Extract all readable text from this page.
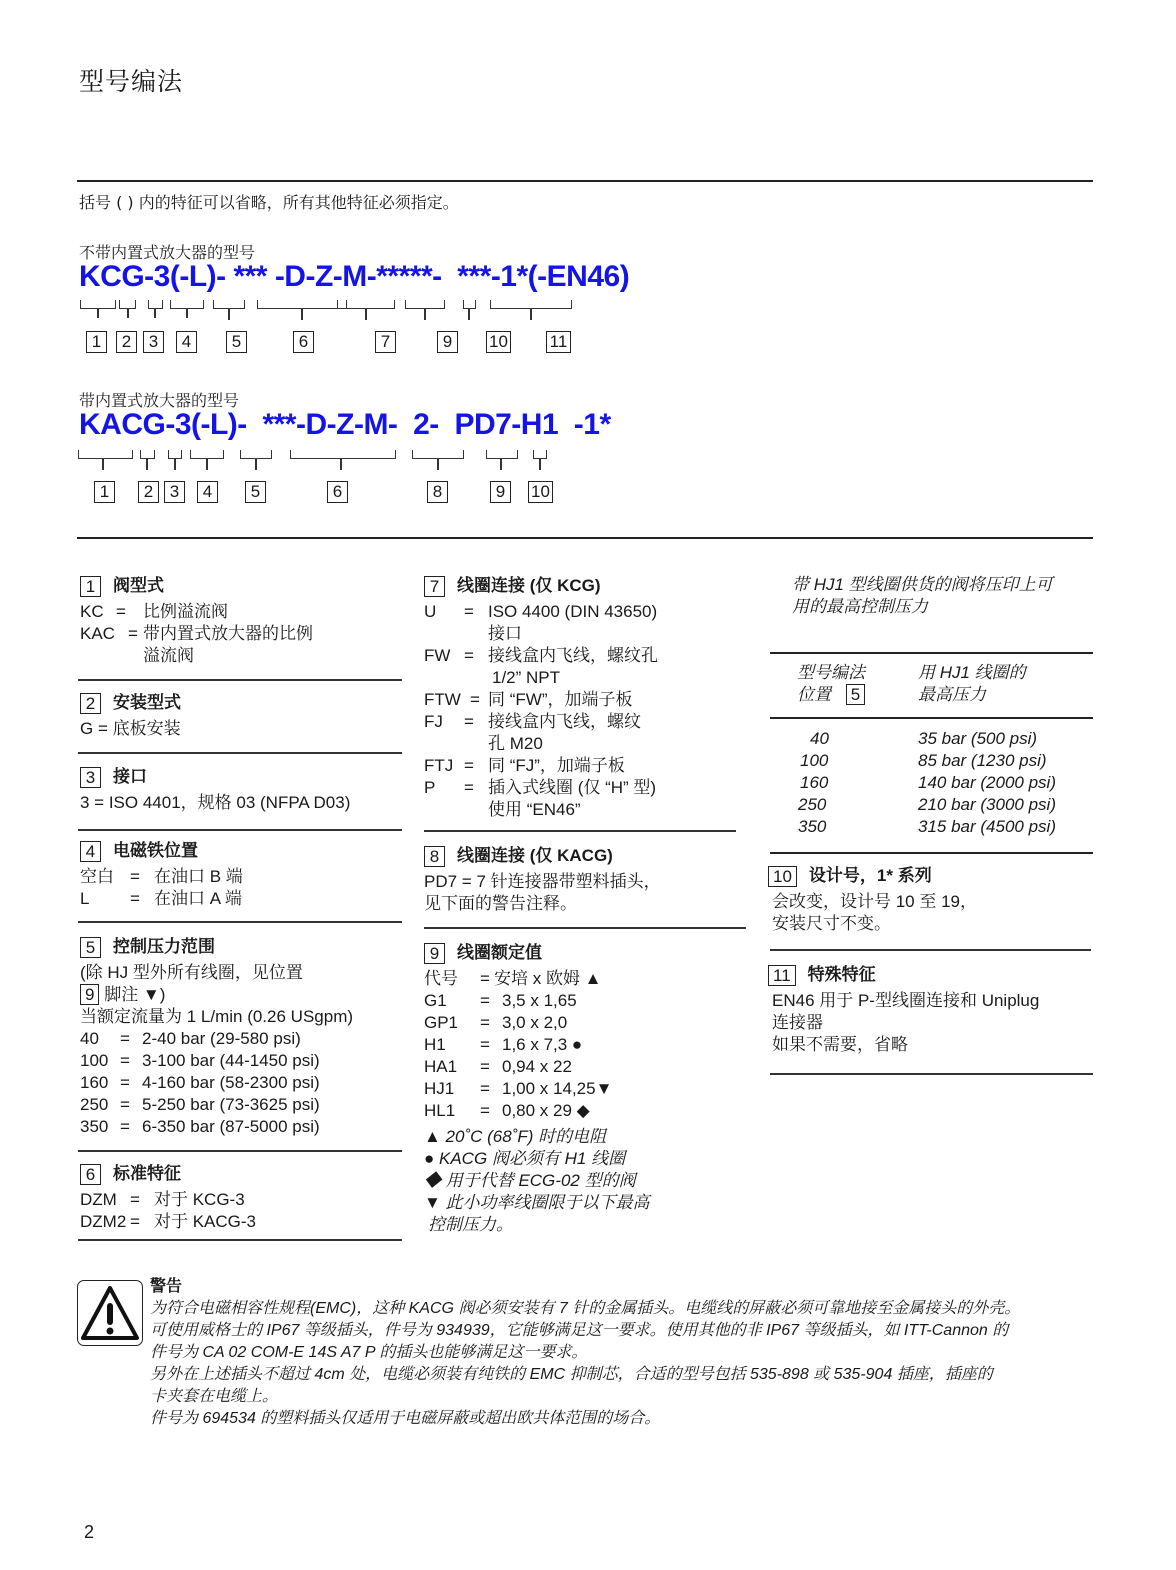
型号编法
括号 ( ) 内的特征可以省略，所有其他特征必须指定。
不带内置式放大器的型号
KCG-3(-L)- *** -D-Z-M-*****-  ***-1*(-EN46)
1	2	3	4	5	6	7	9	10 11
带内置式放大器的型号
KACG-3(-L)-  ***-D-Z-M-  2-  PD7-H1  -1*
1	2 3	4	5	6	8	9	10
1	阀型式
KC =	比例溢流阀
KAC = 带内置式放大器的比例
溢流阀
2	安装型式
G = 底板安装
3	接口
3 = ISO 4401，规格 03 (NFPA D03)
4	电磁铁位置
空白 = 在油口 B 端
L	= 在油口 A 端
5	控制压力范围
(除 HJ 型外所有线圈，见位置
9 脚注 ▼)
当额定流量为 1 L/min (0.26 USgpm)
40	= 2-40 bar (29-580 psi)
100 = 3-100 bar (44-1450 psi)
160 = 4-160 bar (58-2300 psi)
250 = 5-250 bar (73-3625 psi)
350 = 6-350 bar (87-5000 psi)
6	标准特征
DZM = 对于 KCG-3
DZM2 = 对于 KACG-3
7	线圈连接 (仅 KCG)
U	= ISO 4400 (DIN 43650)
接口
FW = 接线盒内飞线，螺纹孔
1/2” NPT
FTW = 同 “FW”，加端子板
FJ	= 接线盒内飞线，螺纹
孔 M20
FTJ = 同 “FJ”，加端子板
P	= 插入式线圈 (仅 “H” 型)
使用 “EN46”
8	线圈连接 (仅 KACG)
PD7 = 7 针连接器带塑料插头，
见下面的警告注释。
9	线圈额定值
代号	= 安培 x 欧姆 ▲
G1	= 3,5 x 1,65
GP1	= 3,0 x 2,0
H1	= 1,6 x 7,3 ●
HA1	= 0,94 x 22
HJ1	= 1,00 x 14,25▼
HL1	= 0,80 x 29 ◆
▲ 20˚C (68˚F) 时的电阻
● KACG 阀必须有 H1 线圈
◆ 用于代替 ECG-02 型的阀
▼ 此小功率线圈限于以下最高
控制压力。
带 HJ1 型线圈供货的阀将压印上可
用的最高控制压力
型号编法
位置 5
用 HJ1 线圈的
最高压力
40	35 bar (500 psi)
100	85 bar (1230 psi)
160	140 bar (2000 psi)
250	210 bar (3000 psi)
350	315 bar (4500 psi)
10 设计号，1* 系列
会改变，设计号 10 至 19，
安装尺寸不变。
11 特殊特征
EN46 用于 P-型线圈连接和 Uniplug
连接器
如果不需要，省略
警告
为符合电磁相容性规程(EMC)，这种 KACG 阀必须安装有 7 针的金属插头。电缆线的屏蔽必须可靠地接至金属接头的外壳。
可使用威格士的 IP67 等级插头，件号为 934939，它能够满足这一要求。使用其他的非 IP67 等级插头，如 ITT-Cannon 的
件号为 CA 02 COM-E 14S A7 P 的插头也能够满足这一要求。
另外在上述插头不超过 4cm 处，电缆必须装有纯铁的 EMC 抑制芯，合适的型号包括 535-898 或 535-904 插座，插座的
卡夹套在电缆上。
件号为 694534 的塑料插头仅适用于电磁屏蔽或超出欧共体范围的场合。
2
